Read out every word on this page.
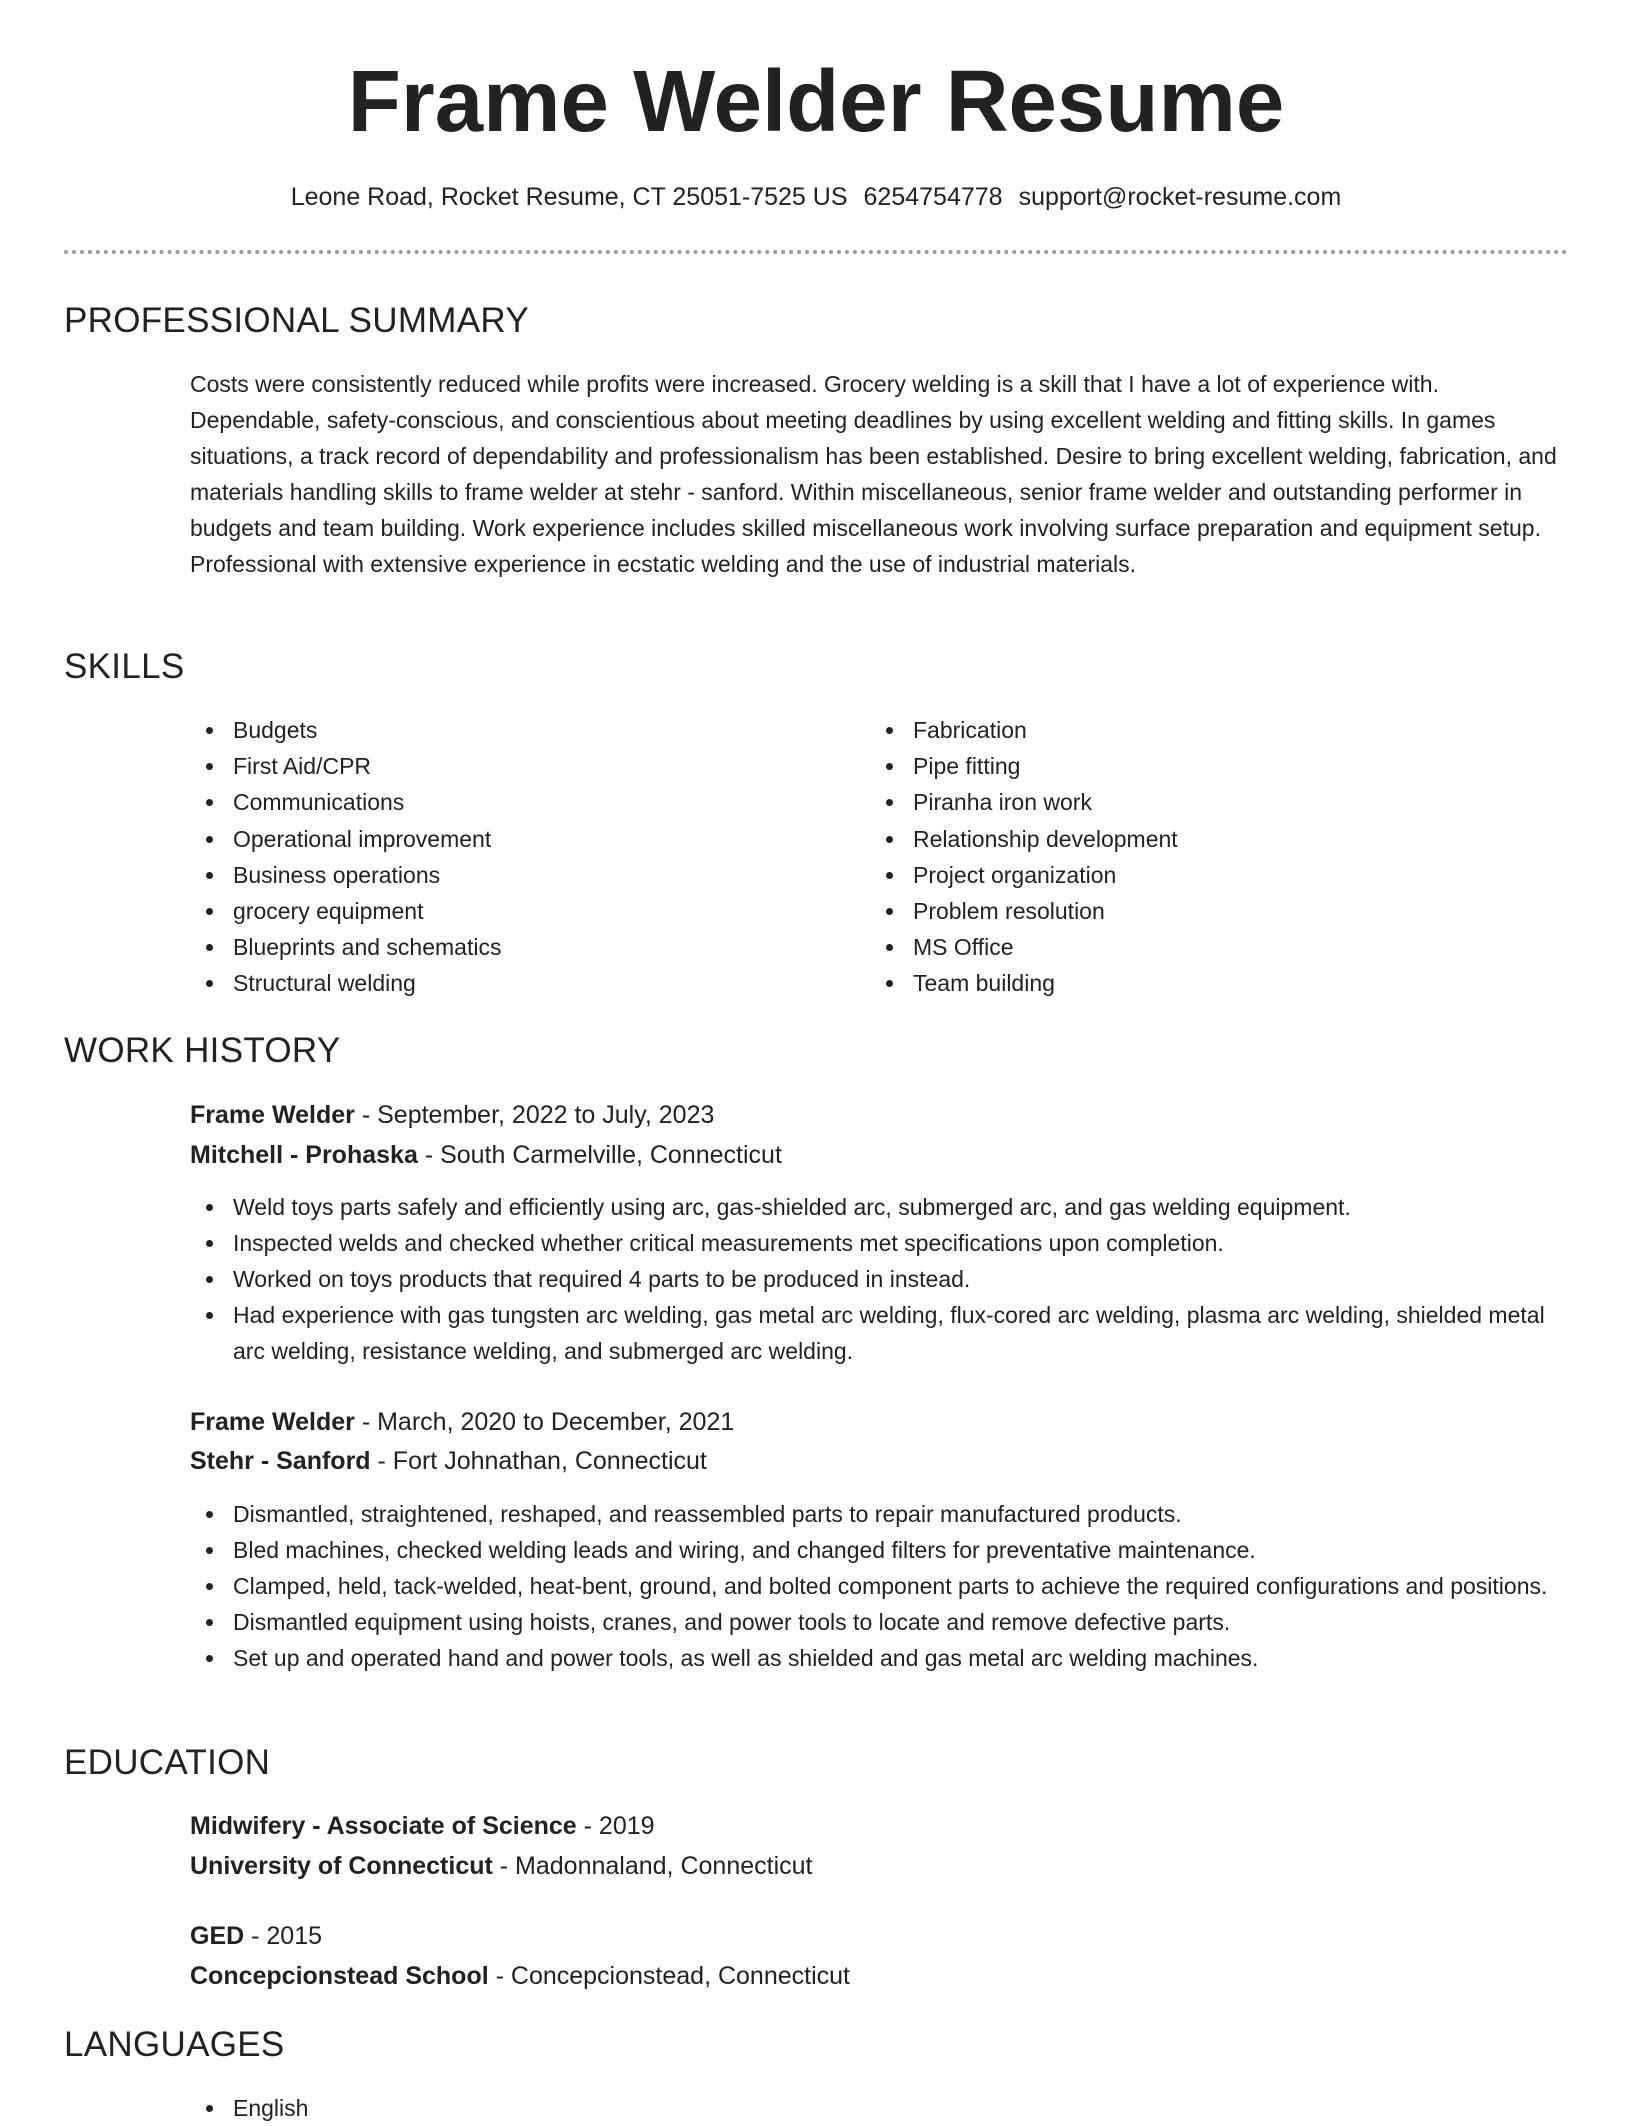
Frame Welder Resume
Leone Road, Rocket Resume, CT 25051-7525 US 6254754778 support@rocket-resume.com
PROFESSIONAL SUMMARY

Costs were consistently reduced while profits were increased. Grocery welding is a skill that I have a lot of experience with. Dependable, safety-conscious, and conscientious about meeting deadlines by using excellent welding and fitting skills. In games situations, a track record of dependability and professionalism has been established. Desire to bring excellent welding, fabrication, and materials handling skills to frame welder at stehr - sanford. Within miscellaneous, senior frame welder and outstanding performer in budgets and team building. Work experience includes skilled miscellaneous work involving surface preparation and equipment setup. Professional with extensive experience in ecstatic welding and the use of industrial materials.

SKILLS
Budgets
First Aid/CPR
Communications
Operational improvement
Business operations
grocery equipment
Blueprints and schematics
Structural welding
Fabrication
Pipe fitting
Piranha iron work
Relationship development
Project organization
Problem resolution
MS Office
Team building
WORK HISTORY
Frame Welder - September, 2022 to July, 2023
Mitchell - Prohaska - South Carmelville, Connecticut
Weld toys parts safely and efficiently using arc, gas-shielded arc, submerged arc, and gas welding equipment.
Inspected welds and checked whether critical measurements met specifications upon completion.
Worked on toys products that required 4 parts to be produced in instead.
Had experience with gas tungsten arc welding, gas metal arc welding, flux-cored arc welding, plasma arc welding, shielded metal arc welding, resistance welding, and submerged arc welding.
Frame Welder - March, 2020 to December, 2021
Stehr - Sanford - Fort Johnathan, Connecticut
Dismantled, straightened, reshaped, and reassembled parts to repair manufactured products.
Bled machines, checked welding leads and wiring, and changed filters for preventative maintenance.
Clamped, held, tack-welded, heat-bent, ground, and bolted component parts to achieve the required configurations and positions.
Dismantled equipment using hoists, cranes, and power tools to locate and remove defective parts.
Set up and operated hand and power tools, as well as shielded and gas metal arc welding machines.
EDUCATION
Midwifery - Associate of Science - 2019
University of Connecticut - Madonnaland, Connecticut
GED - 2015
Concepcionstead School - Concepcionstead, Connecticut
LANGUAGES
English
